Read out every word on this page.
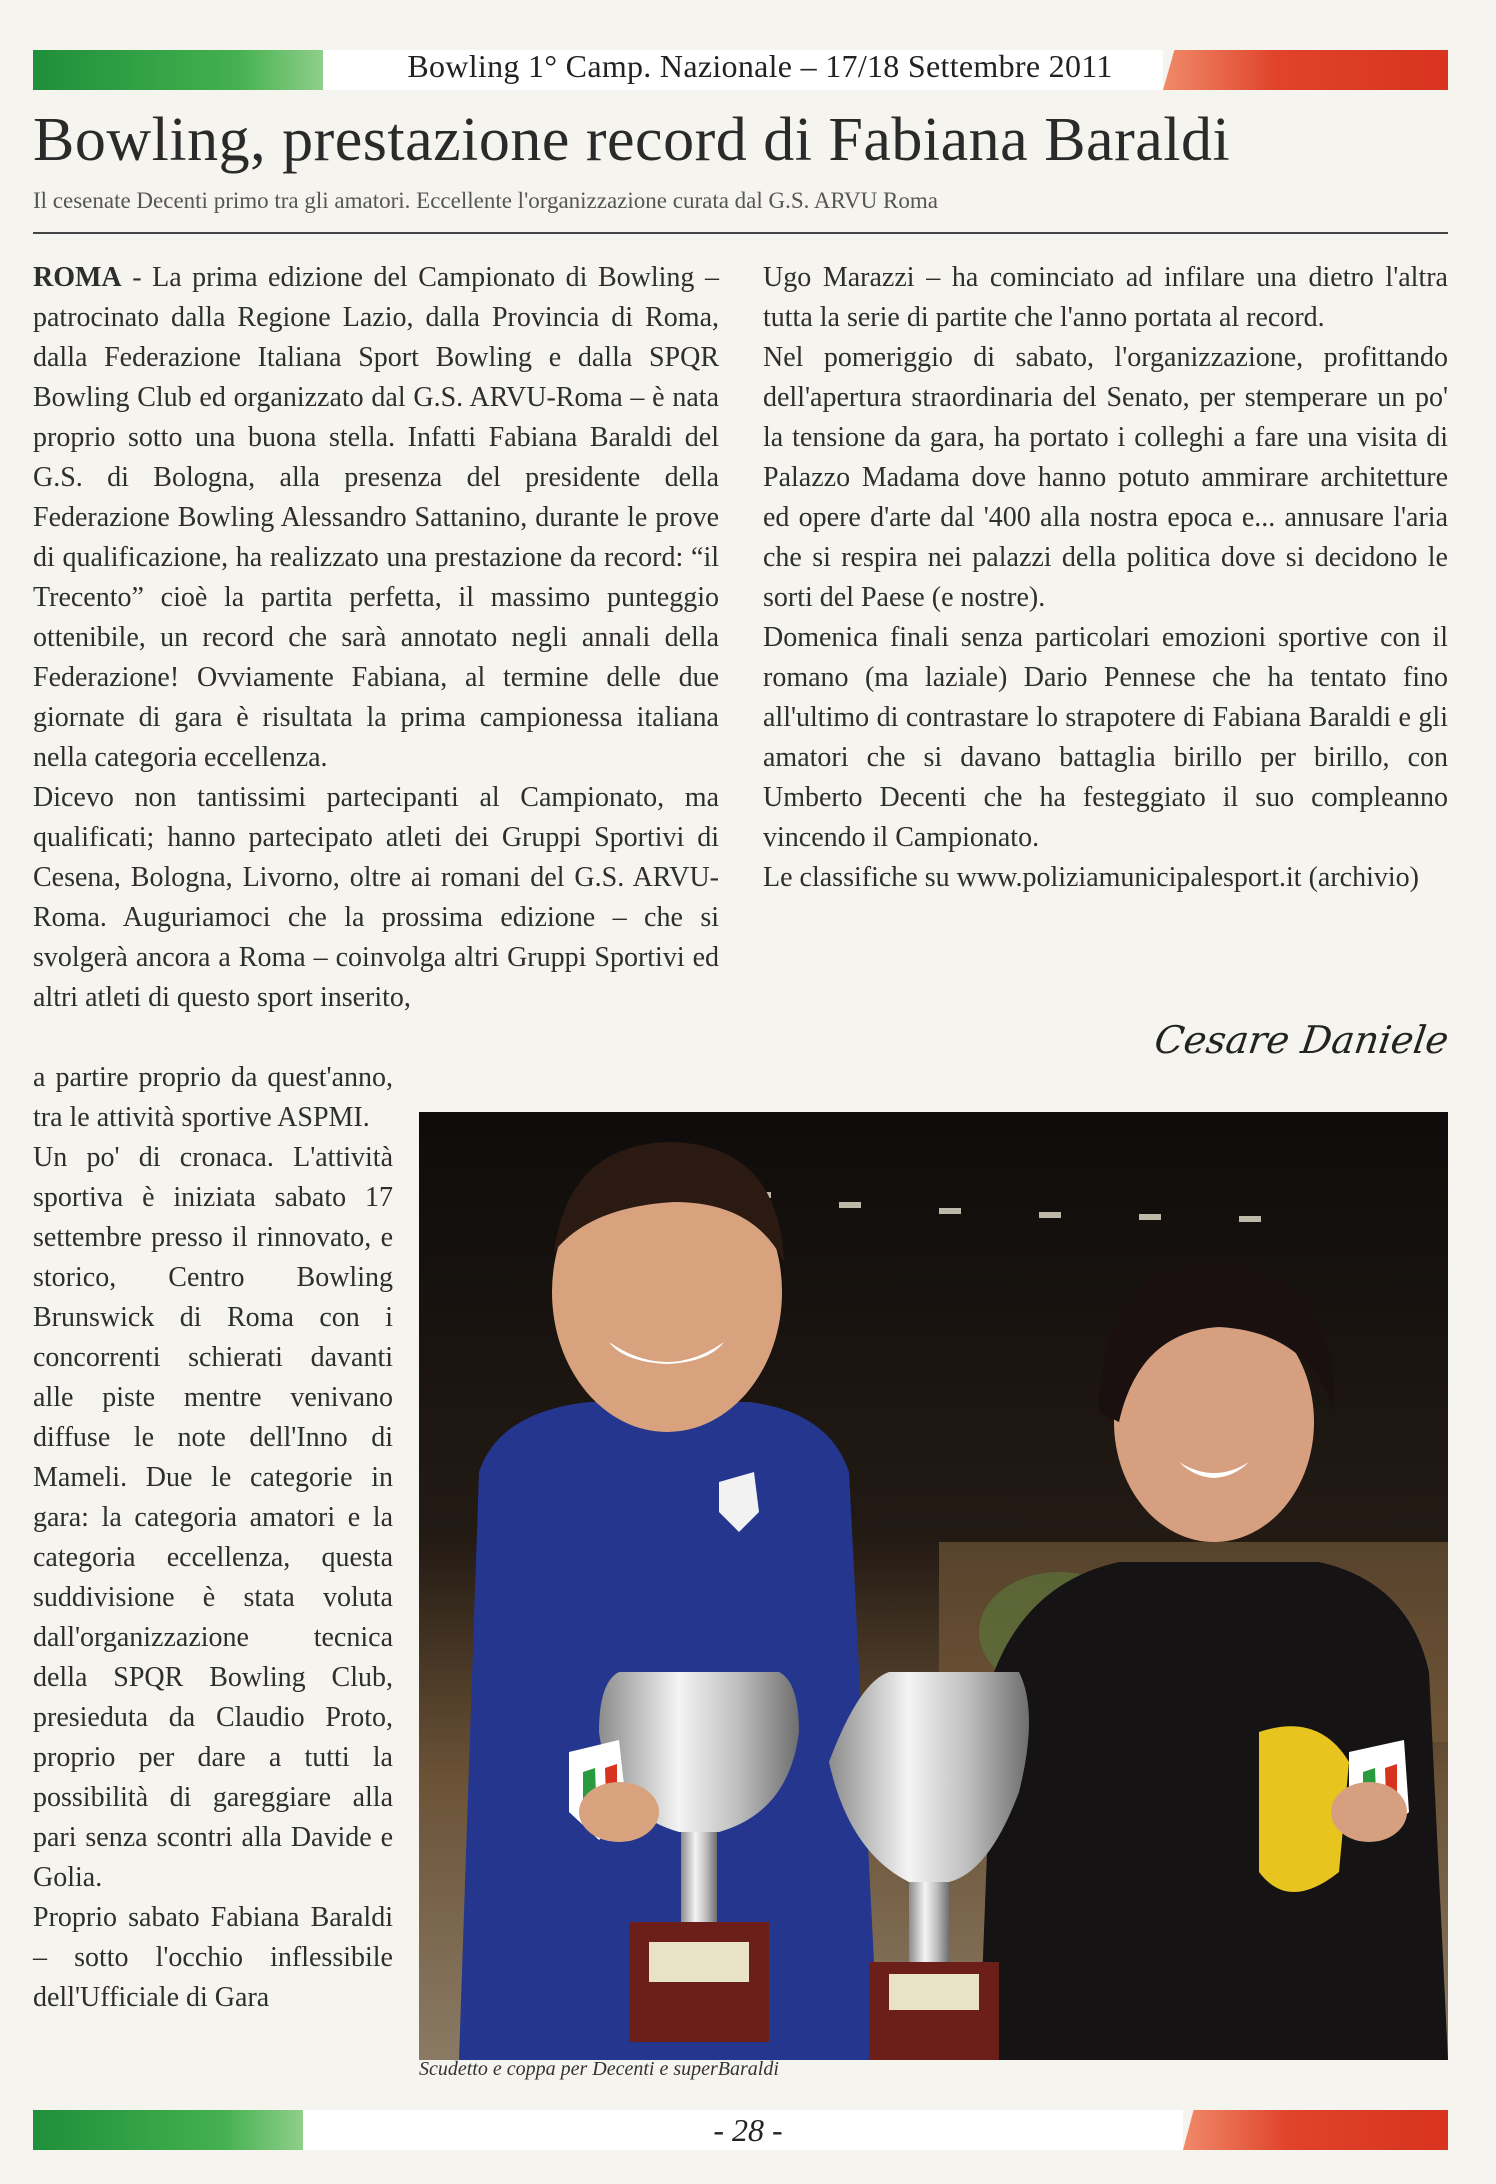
Bowling 1° Camp. Nazionale – 17/18 Settembre 2011
Bowling, prestazione record di Fabiana Baraldi
Il cesenate Decenti primo tra gli amatori. Eccellente l'organizzazione curata dal G.S. ARVU Roma

ROMA - La prima edizione del Campionato di Bowling – patrocinato dalla Regione Lazio, dalla Provincia di Roma, dalla Federazione Italiana Sport Bowling e dalla SPQR Bowling Club ed organizzato dal G.S. ARVU-Roma – è nata proprio sotto una buona stella. Infatti Fabiana Baraldi del G.S. di Bologna, alla presenza del presidente della Federazione Bowling Alessandro Sattanino, durante le prove di qualificazione, ha realizzato una prestazione da record: “il Trecento” cioè la partita perfetta, il massimo punteggio ottenibile, un record che sarà annotato negli annali della Federazione! Ovviamente Fabiana, al termine delle due giornate di gara è risultata la prima campionessa italiana nella categoria eccellenza.

Dicevo non tantissimi partecipanti al Campionato, ma qualificati; hanno partecipato atleti dei Gruppi Sportivi di Cesena, Bologna, Livorno, oltre ai romani del G.S. ARVU-Roma. Auguriamoci che la prossima edizione – che si svolgerà ancora a Roma – coinvolga altri Gruppi Sportivi ed altri atleti di questo sport inserito,

a partire proprio da quest'anno, tra le attività sportive ASPMI.

Un po' di cronaca. L'attività sportiva è iniziata sabato 17 settembre presso il rinnovato, e storico, Centro Bowling Brunswick di Roma con i concorrenti schierati davanti alle piste mentre venivano diffuse le note dell'Inno di Mameli. Due le categorie in gara: la categoria amatori e la categoria eccellenza, questa suddivisione è stata voluta dall'organizzazione tecnica della SPQR Bowling Club, presieduta da Claudio Proto, proprio per dare a tutti la possibilità di gareggiare alla pari senza scontri alla Davide e Golia.

Proprio sabato Fabiana Baraldi – sotto l'occhio inflessibile dell'Ufficiale di Gara

Ugo Marazzi – ha cominciato ad infilare una dietro l'altra tutta la serie di partite che l'anno portata al record.

Nel pomeriggio di sabato, l'organizzazione, profittando dell'apertura straordinaria del Senato, per stemperare un po' la tensione da gara, ha portato i colleghi a fare una visita di Palazzo Madama dove hanno potuto ammirare architetture ed opere d'arte dal '400 alla nostra epoca e... annusare l'aria che si respira nei palazzi della politica dove si decidono le sorti del Paese (e nostre).

Domenica finali senza particolari emozioni sportive con il romano (ma laziale) Dario Pennese che ha tentato fino all'ultimo di contrastare lo strapotere di Fabiana Baraldi e gli amatori che si davano battaglia birillo per birillo, con Umberto Decenti che ha festeggiato il suo compleanno vincendo il Campionato.

Le classifiche su www.poliziamunicipalesport.it (archivio)

Cesare Daniele
Scudetto e coppa per Decenti e superBaraldi
- 28 -
